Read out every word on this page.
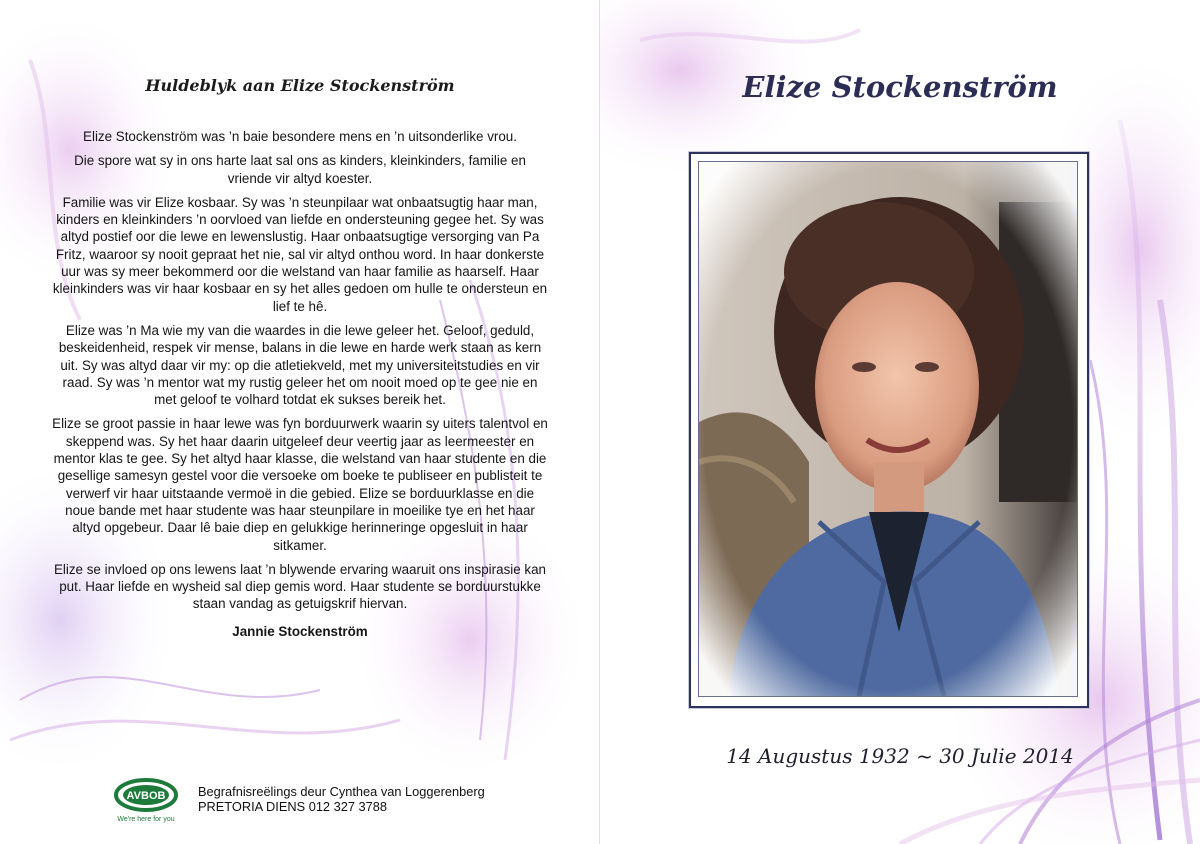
Huldeblyk aan Elize Stockenström

Elize Stockenström was ’n baie besondere mens en ’n uitsonderlike vrou.

Die spore wat sy in ons harte laat sal ons as kinders, kleinkinders, familie en vriende vir altyd koester.

Familie was vir Elize kosbaar. Sy was ’n steunpilaar wat onbaatsugtig haar man, kinders en kleinkinders ’n oorvloed van liefde en ondersteuning gegee het. Sy was altyd postief oor die lewe en lewenslustig. Haar onbaatsugtige versorging van Pa Fritz, waaroor sy nooit gepraat het nie, sal vir altyd onthou word. In haar donkerste uur was sy meer bekommerd oor die welstand van haar familie as haarself. Haar kleinkinders was vir haar kosbaar en sy het alles gedoen om hulle te ondersteun en lief te hê.

Elize was ’n Ma wie my van die waardes in die lewe geleer het. Geloof, geduld, beskeidenheid, respek vir mense, balans in die lewe en harde werk staan as kern uit. Sy was altyd daar vir my: op die atletiekveld, met my universiteitstudies en vir raad. Sy was ’n mentor wat my rustig geleer het om nooit moed op te gee nie en met geloof te volhard totdat ek sukses bereik het.

Elize se groot passie in haar lewe was fyn borduurwerk waarin sy uiters talentvol en skeppend was. Sy het haar daarin uitgeleef deur veertig jaar as leermeester en mentor klas te gee. Sy het altyd haar klasse, die welstand van haar studente en die gesellige samesyn gestel voor die versoeke om boeke te publiseer en publisteit te verwerf vir haar uitstaande vermoë in die gebied. Elize se borduurklasse en die noue bande met haar studente was haar steunpilare in moeilike tye en het haar altyd opgebeur. Daar lê baie diep en gelukkige herinneringe opgesluit in haar sitkamer.

Elize se invloed op ons lewens laat ’n blywende ervaring waaruit ons inspirasie kan put. Haar liefde en wysheid sal diep gemis word. Haar studente se borduurstukke staan vandag as getuigskrif hiervan.

Jannie Stockenström

AVBOB
We're here for you
Begrafnisreëlings deur Cynthea van Loggerenberg
PRETORIA DIENS 012 327 3788
Elize Stockenström

14 Augustus 1932 ~ 30 Julie 2014
